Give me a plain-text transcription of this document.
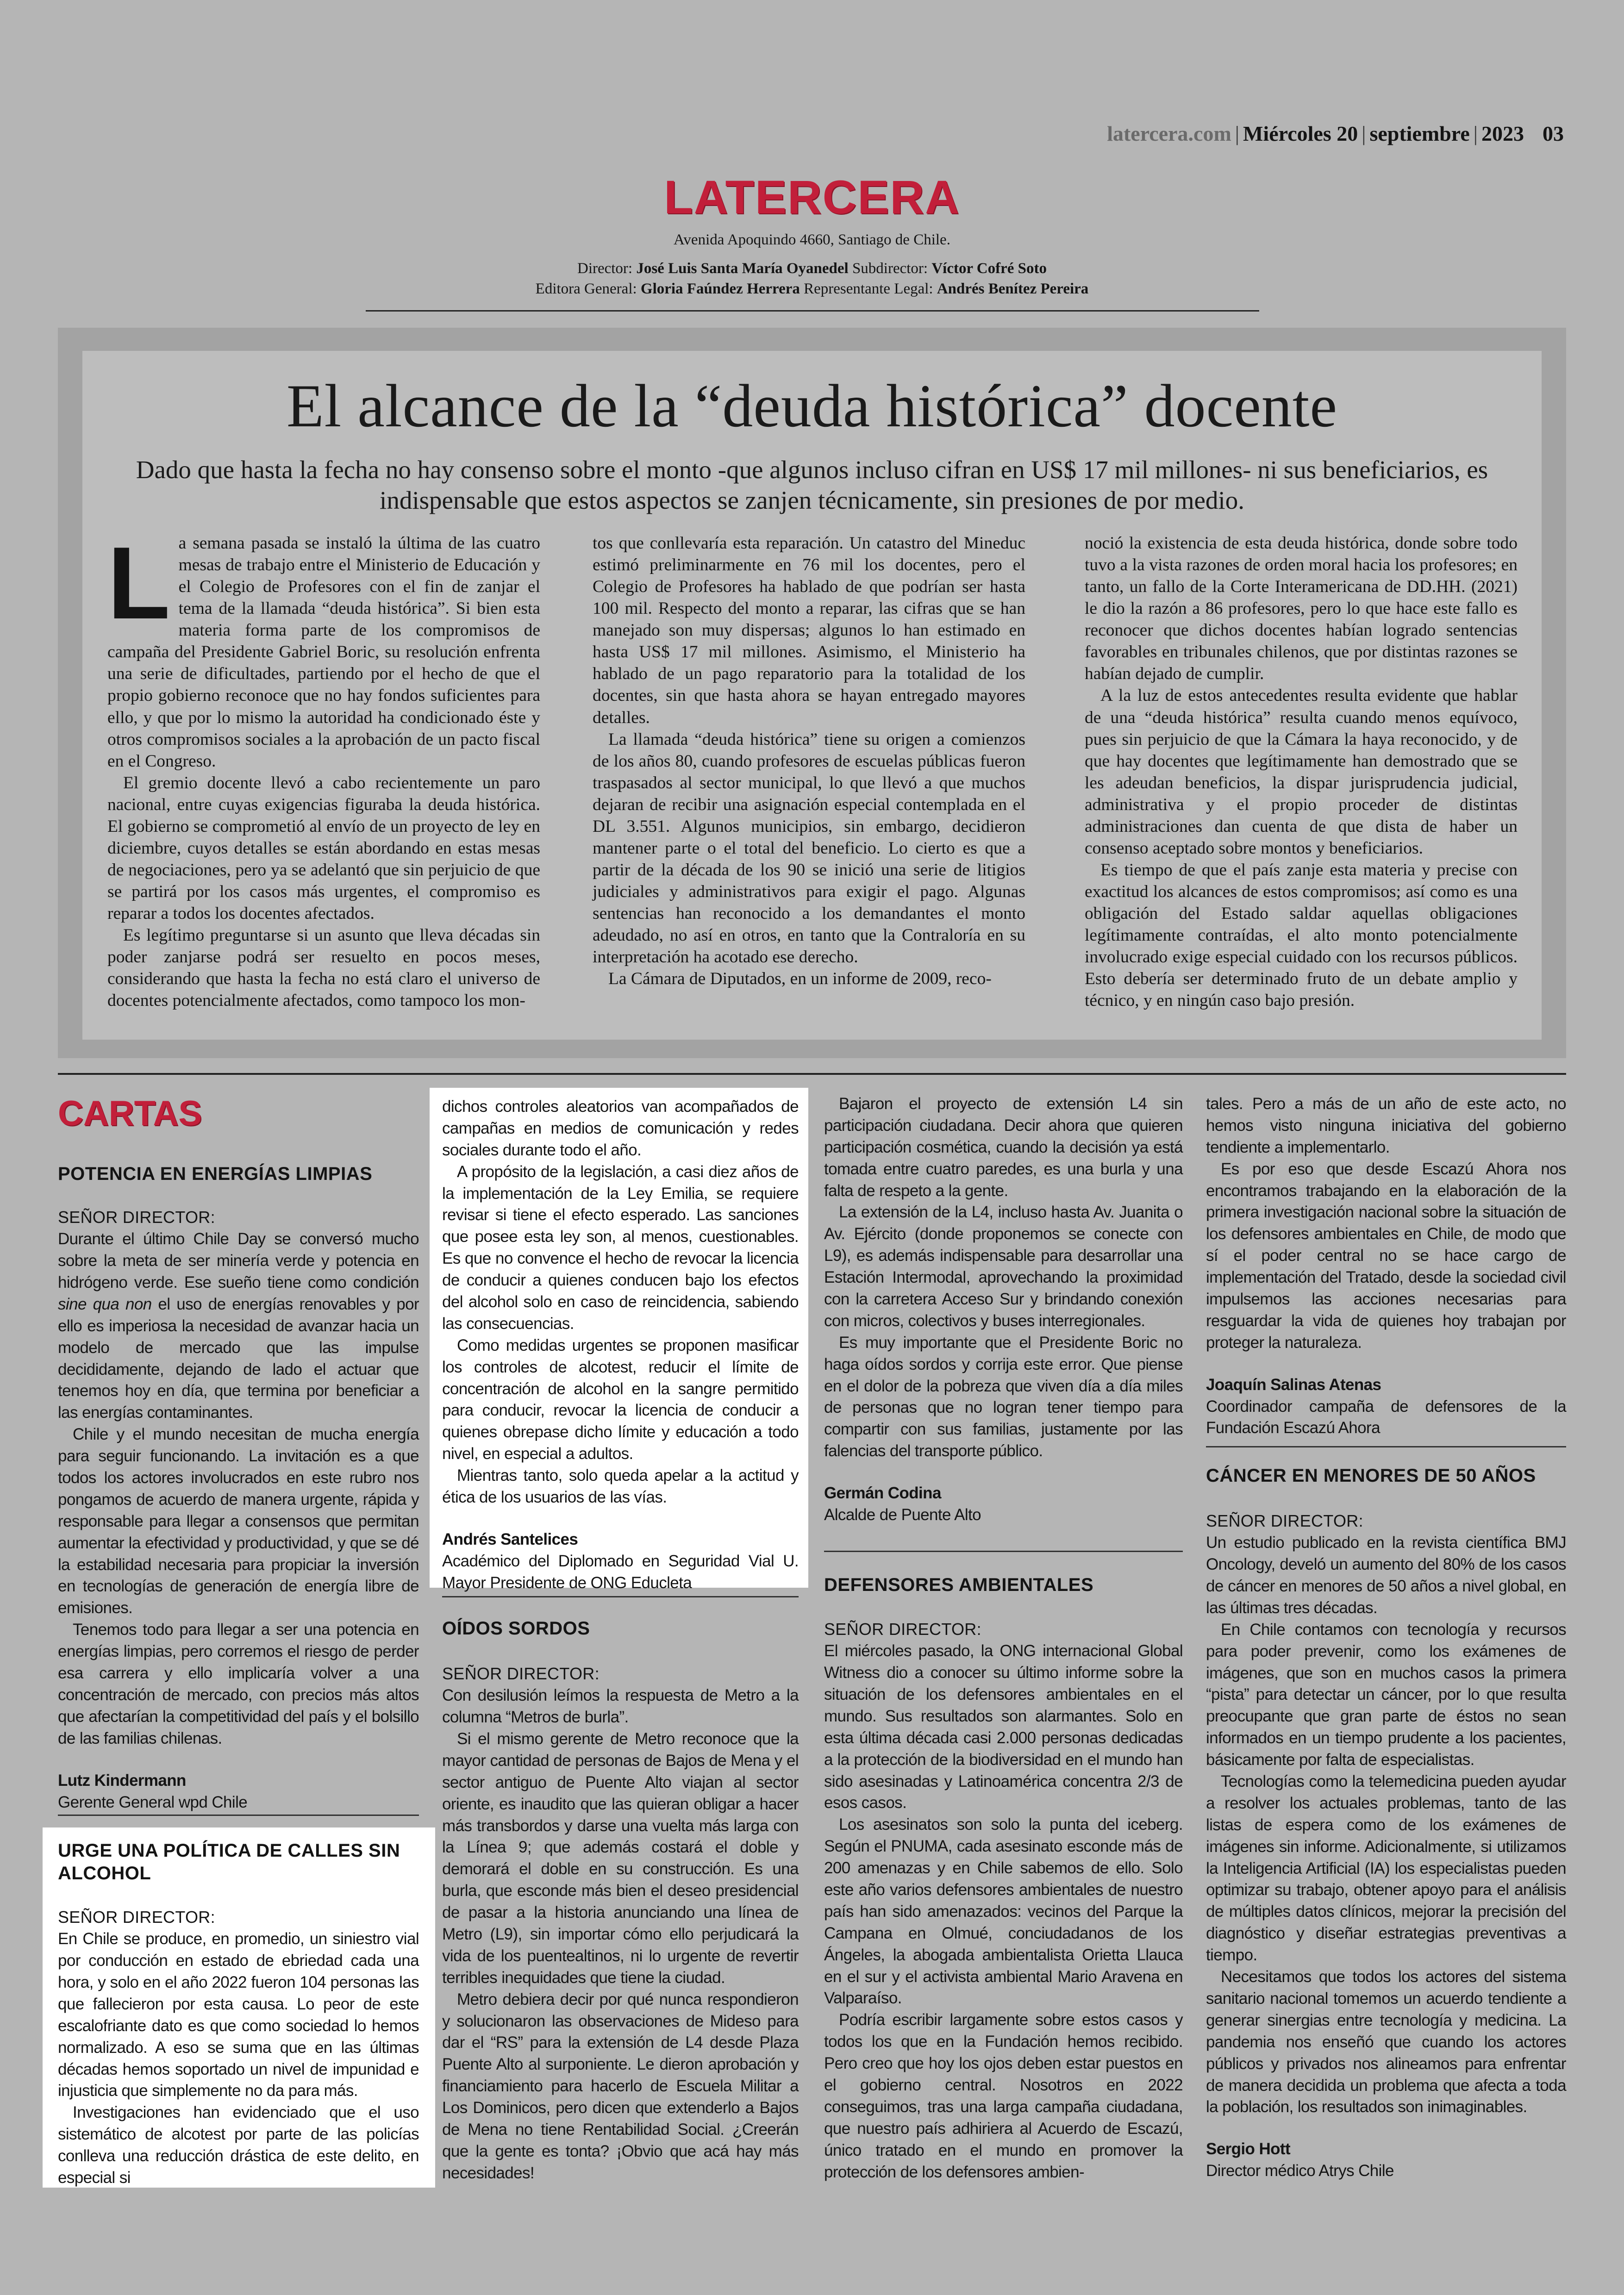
latercera.com | Miércoles 20 | septiembre | 2023 03
LATERCERA
Avenida Apoquindo 4660, Santiago de Chile.
Director: José Luis Santa María Oyanedel Subdirector: Víctor Cofré Soto
Editora General: Gloria Faúndez Herrera Representante Legal: Andrés Benítez Pereira
El alcance de la “deuda histórica” docente
Dado que hasta la fecha no hay consenso sobre el monto -que algunos incluso cifran en US$ 17 mil millones- ni sus beneficiarios, es indispensable que estos aspectos se zanjen técnicamente, sin presiones de por medio.
L a semana pasada se instaló la última de las cuatro mesas de trabajo entre el Ministerio de Educación y el Colegio de Profesores con el fin de zanjar el tema de la llamada “deuda histórica”. Si bien esta materia forma parte de los compromisos de campaña del Presidente Gabriel Boric, su resolución enfrenta una serie de dificultades, partiendo por el hecho de que el propio gobierno reconoce que no hay fondos suficientes para ello, y que por lo mismo la autoridad ha condicionado éste y otros compromisos sociales a la aprobación de un pacto fiscal en el Congreso.

El gremio docente llevó a cabo recientemente un paro nacional, entre cuyas exigencias figuraba la deuda histórica. El gobierno se comprometió al envío de un proyecto de ley en diciembre, cuyos detalles se están abordando en estas mesas de negociaciones, pero ya se adelantó que sin perjuicio de que se partirá por los casos más urgentes, el compromiso es reparar a todos los docentes afectados.

Es legítimo preguntarse si un asunto que lleva décadas sin poder zanjarse podrá ser resuelto en pocos meses, considerando que hasta la fecha no está claro el universo de docentes potencialmente afectados, como tampoco los mon-

tos que conllevaría esta reparación. Un catastro del Mineduc estimó preliminarmente en 76 mil los docentes, pero el Colegio de Profesores ha hablado de que podrían ser hasta 100 mil. Respecto del monto a reparar, las cifras que se han manejado son muy dispersas; algunos lo han estimado en hasta US$ 17 mil millones. Asimismo, el Ministerio ha hablado de un pago reparatorio para la totalidad de los docentes, sin que hasta ahora se hayan entregado mayores detalles.

La llamada “deuda histórica” tiene su origen a comienzos de los años 80, cuando profesores de escuelas públicas fueron traspasados al sector municipal, lo que llevó a que muchos dejaran de recibir una asignación especial contemplada en el DL 3.551. Algunos municipios, sin embargo, decidieron mantener parte o el total del beneficio. Lo cierto es que a partir de la década de los 90 se inició una serie de litigios judiciales y administrativos para exigir el pago. Algunas sentencias han reconocido a los demandantes el monto adeudado, no así en otros, en tanto que la Contraloría en su interpretación ha acotado ese derecho.

La Cámara de Diputados, en un informe de 2009, reco-

noció la existencia de esta deuda histórica, donde sobre todo tuvo a la vista razones de orden moral hacia los profesores; en tanto, un fallo de la Corte Interamericana de DD.HH. (2021) le dio la razón a 86 profesores, pero lo que hace este fallo es reconocer que dichos docentes habían logrado sentencias favorables en tribunales chilenos, que por distintas razones se habían dejado de cumplir.

A la luz de estos antecedentes resulta evidente que hablar de una “deuda histórica” resulta cuando menos equívoco, pues sin perjuicio de que la Cámara la haya reconocido, y de que hay docentes que legítimamente han demostrado que se les adeudan beneficios, la dispar jurisprudencia judicial, administrativa y el propio proceder de distintas administraciones dan cuenta de que dista de haber un consenso aceptado sobre montos y beneficiarios.

Es tiempo de que el país zanje esta materia y precise con exactitud los alcances de estos compromisos; así como es una obligación del Estado saldar aquellas obligaciones legítimamente contraídas, el alto monto potencialmente involucrado exige especial cuidado con los recursos públicos. Esto debería ser determinado fruto de un debate amplio y técnico, y en ningún caso bajo presión.

CARTAS
POTENCIA EN ENERGÍAS LIMPIAS
SEÑOR DIRECTOR:

Durante el último Chile Day se conversó mucho sobre la meta de ser minería verde y potencia en hidrógeno verde. Ese sueño tiene como condición sine qua non el uso de energías renovables y por ello es imperiosa la necesidad de avanzar hacia un modelo de mercado que las impulse decididamente, dejando de lado el actuar que tenemos hoy en día, que termina por beneficiar a las energías contaminantes.

Chile y el mundo necesitan de mucha energía para seguir funcionando. La invitación es a que todos los actores involucrados en este rubro nos pongamos de acuerdo de manera urgente, rápida y responsable para llegar a consensos que permitan aumentar la efectividad y productividad, y que se dé la estabilidad necesaria para propiciar la inversión en tecnologías de generación de energía libre de emisiones.

Tenemos todo para llegar a ser una potencia en energías limpias, pero corremos el riesgo de perder esa carrera y ello implicaría volver a una concentración de mercado, con precios más altos que afectarían la competitividad del país y el bolsillo de las familias chilenas.

Lutz Kindermann
Gerente General wpd Chile
URGE UNA POLÍTICA DE CALLES SIN ALCOHOL
SEÑOR DIRECTOR:

En Chile se produce, en promedio, un siniestro vial por conducción en estado de ebriedad cada una hora, y solo en el año 2022 fueron 104 personas las que fallecieron por esta causa. Lo peor de este escalofriante dato es que como sociedad lo hemos normalizado. A eso se suma que en las últimas décadas hemos soportado un nivel de impunidad e injusticia que simplemente no da para más.

Investigaciones han evidenciado que el uso sistemático de alcotest por parte de las policías conlleva una reducción drástica de este delito, en especial si

dichos controles aleatorios van acompañados de campañas en medios de comunicación y redes sociales durante todo el año.

A propósito de la legislación, a casi diez años de la implementación de la Ley Emilia, se requiere revisar si tiene el efecto esperado. Las sanciones que posee esta ley son, al menos, cuestionables. Es que no convence el hecho de revocar la licencia de conducir a quienes conducen bajo los efectos del alcohol solo en caso de reincidencia, sabiendo las consecuencias.

Como medidas urgentes se proponen masificar los controles de alcotest, reducir el límite de concentración de alcohol en la sangre permitido para conducir, revocar la licencia de conducir a quienes obrepase dicho límite y educación a todo nivel, en especial a adultos.

Mientras tanto, solo queda apelar a la actitud y ética de los usuarios de las vías.

Andrés Santelices
Académico del Diplomado en Seguridad Vial U. Mayor Presidente de ONG Educleta
OÍDOS SORDOS
SEÑOR DIRECTOR:

Con desilusión leímos la respuesta de Metro a la columna “Metros de burla”.

Si el mismo gerente de Metro reconoce que la mayor cantidad de personas de Bajos de Mena y el sector antiguo de Puente Alto viajan al sector oriente, es inaudito que las quieran obligar a hacer más transbordos y darse una vuelta más larga con la Línea 9; que además costará el doble y demorará el doble en su construcción. Es una burla, que esconde más bien el deseo presidencial de pasar a la historia anunciando una línea de Metro (L9), sin importar cómo ello perjudicará la vida de los puentealtinos, ni lo urgente de revertir terribles inequidades que tiene la ciudad.

Metro debiera decir por qué nunca respondieron y solucionaron las observaciones de Mideso para dar el “RS” para la extensión de L4 desde Plaza Puente Alto al surponiente. Le dieron aprobación y financiamiento para hacerlo de Escuela Militar a Los Dominicos, pero dicen que extenderlo a Bajos de Mena no tiene Rentabilidad Social. ¿Creerán que la gente es tonta? ¡Obvio que acá hay más necesidades!

Bajaron el proyecto de extensión L4 sin participación ciudadana. Decir ahora que quieren participación cosmética, cuando la decisión ya está tomada entre cuatro paredes, es una burla y una falta de respeto a la gente.

La extensión de la L4, incluso hasta Av. Juanita o Av. Ejército (donde proponemos se conecte con L9), es además indispensable para desarrollar una Estación Intermodal, aprovechando la proximidad con la carretera Acceso Sur y brindando conexión con micros, colectivos y buses interregionales.

Es muy importante que el Presidente Boric no haga oídos sordos y corrija este error. Que piense en el dolor de la pobreza que viven día a día miles de personas que no logran tener tiempo para compartir con sus familias, justamente por las falencias del transporte público.

Germán Codina
Alcalde de Puente Alto
DEFENSORES AMBIENTALES
SEÑOR DIRECTOR:

El miércoles pasado, la ONG internacional Global Witness dio a conocer su último informe sobre la situación de los defensores ambientales en el mundo. Sus resultados son alarmantes. Solo en esta última década casi 2.000 personas dedicadas a la protección de la biodiversidad en el mundo han sido asesinadas y Latinoamérica concentra 2/3 de esos casos.

Los asesinatos son solo la punta del iceberg. Según el PNUMA, cada asesinato esconde más de 200 amenazas y en Chile sabemos de ello. Solo este año varios defensores ambientales de nuestro país han sido amenazados: vecinos del Parque la Campana en Olmué, conciudadanos de los Ángeles, la abogada ambientalista Orietta Llauca en el sur y el activista ambiental Mario Aravena en Valparaíso.

Podría escribir largamente sobre estos casos y todos los que en la Fundación hemos recibido. Pero creo que hoy los ojos deben estar puestos en el gobierno central. Nosotros en 2022 conseguimos, tras una larga campaña ciudadana, que nuestro país adhiriera al Acuerdo de Escazú, único tratado en el mundo en promover la protección de los defensores ambien-

tales. Pero a más de un año de este acto, no hemos visto ninguna iniciativa del gobierno tendiente a implementarlo.

Es por eso que desde Escazú Ahora nos encontramos trabajando en la elaboración de la primera investigación nacional sobre la situación de los defensores ambientales en Chile, de modo que sí el poder central no se hace cargo de implementación del Tratado, desde la sociedad civil impulsemos las acciones necesarias para resguardar la vida de quienes hoy trabajan por proteger la naturaleza.

Joaquín Salinas Atenas
Coordinador campaña de defensores de la Fundación Escazú Ahora
CÁNCER EN MENORES DE 50 AÑOS
SEÑOR DIRECTOR:

Un estudio publicado en la revista científica BMJ Oncology, develó un aumento del 80% de los casos de cáncer en menores de 50 años a nivel global, en las últimas tres décadas.

En Chile contamos con tecnología y recursos para poder prevenir, como los exámenes de imágenes, que son en muchos casos la primera “pista” para detectar un cáncer, por lo que resulta preocupante que gran parte de éstos no sean informados en un tiempo prudente a los pacientes, básicamente por falta de especialistas.

Tecnologías como la telemedicina pueden ayudar a resolver los actuales problemas, tanto de las listas de espera como de los exámenes de imágenes sin informe. Adicionalmente, si utilizamos la Inteligencia Artificial (IA) los especialistas pueden optimizar su trabajo, obtener apoyo para el análisis de múltiples datos clínicos, mejorar la precisión del diagnóstico y diseñar estrategias preventivas a tiempo.

Necesitamos que todos los actores del sistema sanitario nacional tomemos un acuerdo tendiente a generar sinergias entre tecnología y medicina. La pandemia nos enseñó que cuando los actores públicos y privados nos alineamos para enfrentar de manera decidida un problema que afecta a toda la población, los resultados son inimaginables.

Sergio Hott
Director médico Atrys Chile
